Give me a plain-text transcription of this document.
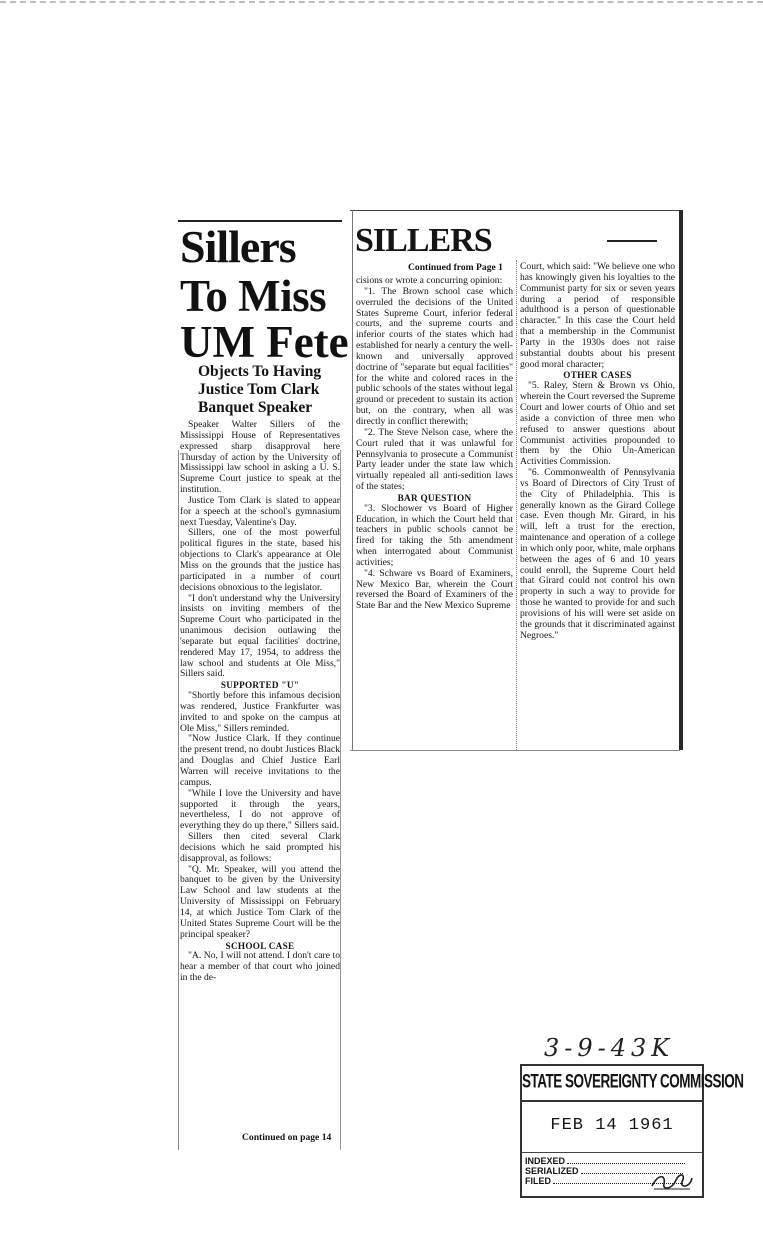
Sillers
To Miss
UM Fete
Objects To Having
Justice Tom Clark
Banquet Speaker

Speaker Walter Sillers of the Mississippi House of Representatives expressed sharp disapproval here Thursday of action by the University of Mississippi law school in asking a U. S. Supreme Court justice to speak at the institution.

Justice Tom Clark is slated to appear for a speech at the school's gymnasium next Tuesday, Valentine's Day.

Sillers, one of the most powerful political figures in the state, based his objections to Clark's appearance at Ole Miss on the grounds that the justice has participated in a number of court decisions obnoxious to the legislator.

"I don't understand why the University insists on inviting members of the Supreme Court who participated in the unanimous decision outlawing the 'separate but equal facilities' doctrine, rendered May 17, 1954, to address the law school and students at Ole Miss," Sillers said.

SUPPORTED "U"

"Shortly before this infamous decision was rendered, Justice Frankfurter was invited to and spoke on the campus at Ole Miss," Sillers reminded.

"Now Justice Clark. If they continue the present trend, no doubt Justices Black and Douglas and Chief Justice Earl Warren will receive invitations to the campus.

"While I love the University and have supported it through the years, nevertheless, I do not approve of everything they do up there," Sillers said.

Sillers then cited several Clark decisions which he said prompted his disapproval, as follows:

"Q. Mr. Speaker, will you attend the banquet to be given by the University Law School and law students at the University of Mississippi on February 14, at which Justice Tom Clark of the United States Supreme Court will be the principal speaker?

SCHOOL CASE

"A. No, I will not attend. I don't care to hear a member of that court who joined in the de-

Continued on page 14
SILLERS
Continued from Page 1

cisions or wrote a concurring opinion:

"1. The Brown school case which overruled the decisions of the United States Supreme Court, inferior federal courts, and the supreme courts and inferior courts of the states which had established for nearly a century the well-known and universally approved doctrine of "separate but equal facilities" for the white and colored races in the public schools of the states without legal ground or precedent to sustain its action but, on the contrary, when all was directly in conflict therewith;

"2. The Steve Nelson case, where the Court ruled that it was unlawful for Pennsylvania to prosecute a Communist Party leader under the state law which virtually repealed all anti-sedition laws of the states;

BAR QUESTION

"3. Slochower vs Board of Higher Education, in which the Court held that teachers in public schools cannot be fired for taking the 5th amendment when interrogated about Communist activities;

"4. Schware vs Board of Examiners, New Mexico Bar, wherein the Court reversed the Board of Examiners of the State Bar and the New Mexico Supreme

Court, which said: "We believe one who has knowingly given his loyalties to the Communist party for six or seven years during a period of responsible adulthood is a person of questionable character." In this case the Court held that a membership in the Communist Party in the 1930s does not raise substantial doubts about his present good moral character;

OTHER CASES

"5. Raley, Stern & Brown vs Ohio, wherein the Court reversed the Supreme Court and lower courts of Ohio and set aside a conviction of three men who refused to answer questions about Communist activities propounded to them by the Ohio Un-American Activities Commission.

"6. Commonwealth of Pennsylvania vs Board of Directors of City Trust of the City of Philadelphia. This is generally known as the Girard College case. Even though Mr. Girard, in his will, left a trust for the erection, maintenance and operation of a college in which only poor, white, male orphans between the ages of 6 and 10 years could enroll, the Supreme Court held that Girard could not control his own property in such a way to provide for those he wanted to provide for and such provisions of his will were set aside on the grounds that it discriminated against Negroes."

3-9-43K
STATE SOVEREIGNTY COMMISSION
FEB 14 1961
INDEXED
SERIALIZED
FILED
